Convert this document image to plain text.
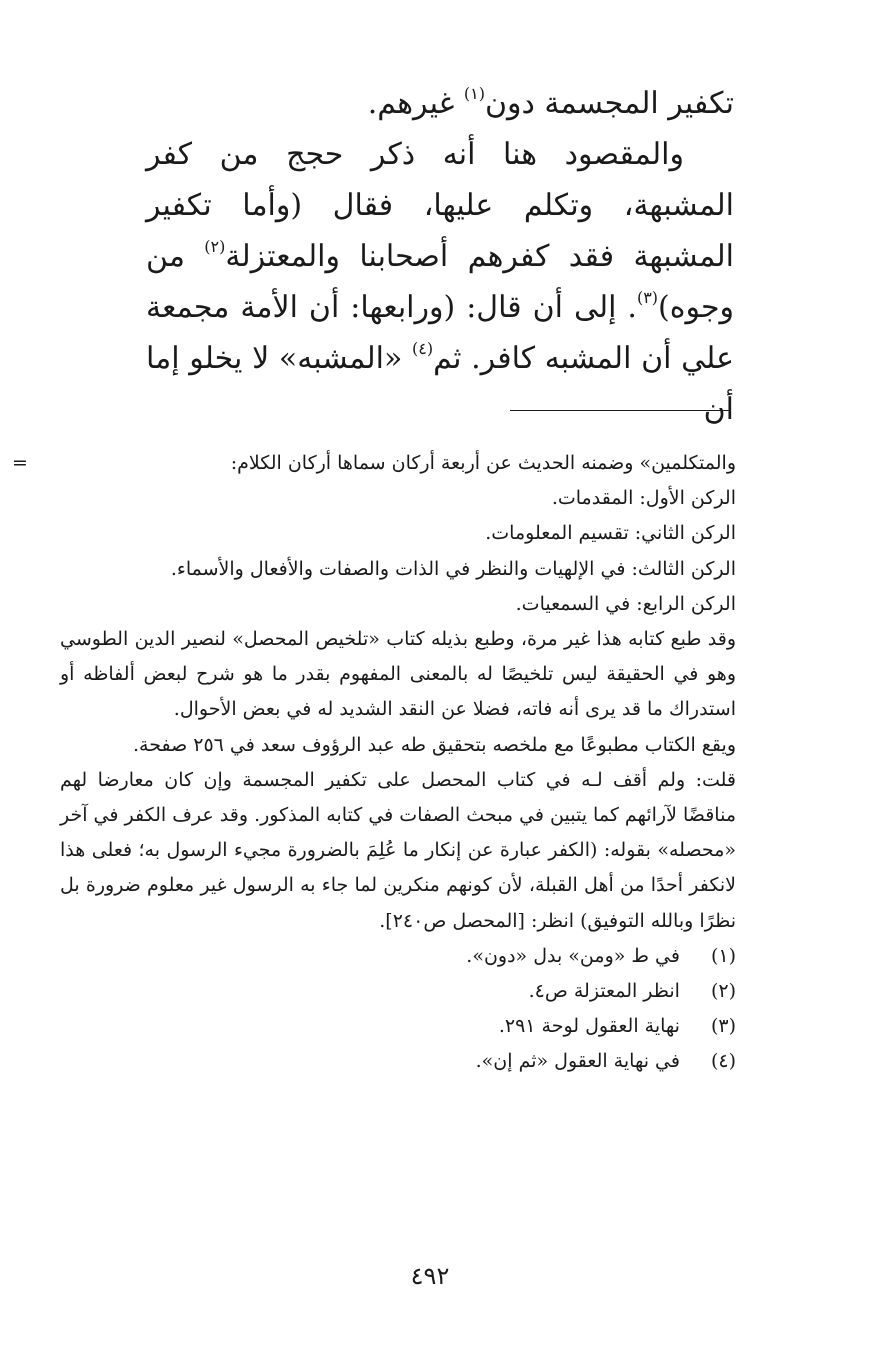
تكفير المجسمة دون$^{(١)}$ غيرهم.

والمقصود هنا أنه ذكر حجج من كفر المشبهة، وتكلم عليها، فقال (وأما تكفير المشبهة فقد كفرهم أصحابنا والمعتزلة$^{(٢)}$ من وجوه)$^{(٣)}$. إلى أن قال: (ورابعها: أن الأمة مجمعة علي أن المشبه كافر. ثم$^{(٤)}$ «المشبه» لا يخلو إما أن

=	والمتكلمين» وضمنه الحديث عن أربعة أركان سماها أركان الكلام:

الركن الأول: المقدمات.

الركن الثاني: تقسيم المعلومات.

الركن الثالث: في الإلهيات والنظر في الذات والصفات والأفعال والأسماء.

الركن الرابع: في السمعيات.

وقد طبع كتابه هذا غير مرة، وطبع بذيله كتاب «تلخيص المحصل» لنصير الدين الطوسي وهو في الحقيقة ليس تلخيصًا له بالمعنى المفهوم بقدر ما هو شرح لبعض ألفاظه أو استدراك ما قد يرى أنه فاته، فضلا عن النقد الشديد له في بعض الأحوال.

ويقع الكتاب مطبوعًا مع ملخصه بتحقيق طه عبد الرؤوف سعد في ٢٥٦ صفحة.

قلت: ولم أقف لـه في كتاب المحصل على تكفير المجسمة وإن كان معارضا لهم مناقضًا لآرائهم كما يتبين في مبحث الصفات في كتابه المذكور. وقد عرف الكفر في آخر «محصله» بقوله: (الكفر عبارة عن إنكار ما عُلِمَ بالضرورة مجيء الرسول به؛ فعلى هذا لانكفر أحدًا من أهل القبلة، لأن كونهم منكرين لما جاء به الرسول غير معلوم ضرورة بل نظرًا وبالله التوفيق) انظر: [المحصل ص٢٤٠].

(١) في ط «ومن» بدل «دون».
(٢) انظر المعتزلة ص٤.
(٣) نهاية العقول لوحة ٢٩١.
(٤) في نهاية العقول «ثم إن».
٤٩٢
